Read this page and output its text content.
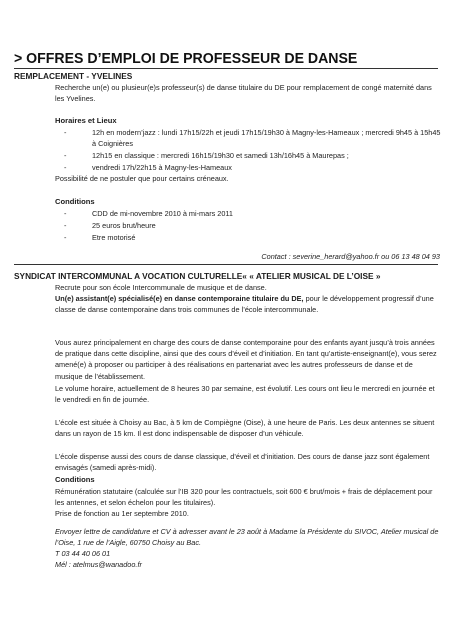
> OFFRES D’EMPLOI DE PROFESSEUR DE DANSE
REMPLACEMENT - YVELINES

Recherche un(e) ou plusieur(e)s professeur(s) de danse titulaire du DE pour remplacement de congé maternité dans les Yvelines.

Horaires et Lieux
-	12h en modern’jazz : lundi 17h15/22h et jeudi 17h15/19h30 à Magny-les-Hameaux ; mercredi 9h45 à 15h45 à Coignières
-	12h15 en classique : mercredi 16h15/19h30 et samedi 13h/16h45 à Maurepas ;
-	vendredi 17h/22h15 à Magny-les-Hameaux

Possibilité de ne postuler que pour certains créneaux.

Conditions
-	CDD de mi-novembre 2010 à mi-mars 2011
-	25 euros brut/heure
-	Etre motorisé

Contact : severine_herard@yahoo.fr ou 06 13 48 04 93

SYNDICAT INTERCOMMUNAL A VOCATION CULTURELLE« « ATELIER MUSICAL DE L’OISE »

Recrute pour son école Intercommunale de musique et de danse.

Un(e) assistant(e) spécialisé(e) en danse contemporaine titulaire du DE, pour le développement progressif d’une classe de danse contemporaine dans trois communes de l’école intercommunale.

Vous aurez principalement en charge des cours de danse contemporaine pour des enfants ayant jusqu’à trois années de pratique dans cette discipline, ainsi que des cours d’éveil et d’initiation. En tant qu’artiste-enseignant(e), vous serez amené(e) à proposer ou participer à des réalisations en partenariat avec les autres professeurs de danse et de musique de l’établissement.

Le volume horaire, actuellement de 8 heures 30 par semaine, est évolutif. Les cours ont lieu le mercredi en journée et le vendredi en fin de journée.

L’école est située à Choisy au Bac, à 5 km de Compiègne (Oise), à une heure de Paris. Les deux antennes se situent dans un rayon de 15 km. Il est donc indispensable de disposer d’un véhicule.

L’école dispense aussi des cours de danse classique, d’éveil et d’initiation. Des cours de danse jazz sont également envisagés (samedi après-midi).

Conditions

Rémunération statutaire (calculée sur l’IB 320 pour les contractuels, soit 600 € brut/mois + frais de déplacement pour les antennes, et selon échelon pour les titulaires).

Prise de fonction au 1er septembre 2010.

Envoyer lettre de candidature et CV à adresser avant le 23 août à Madame la Présidente du SIVOC, Atelier musical de l’Oise, 1 rue de l’Aigle, 60750 Choisy au Bac.

T 03 44 40 06 01

Mél : atelmus@wanadoo.fr
